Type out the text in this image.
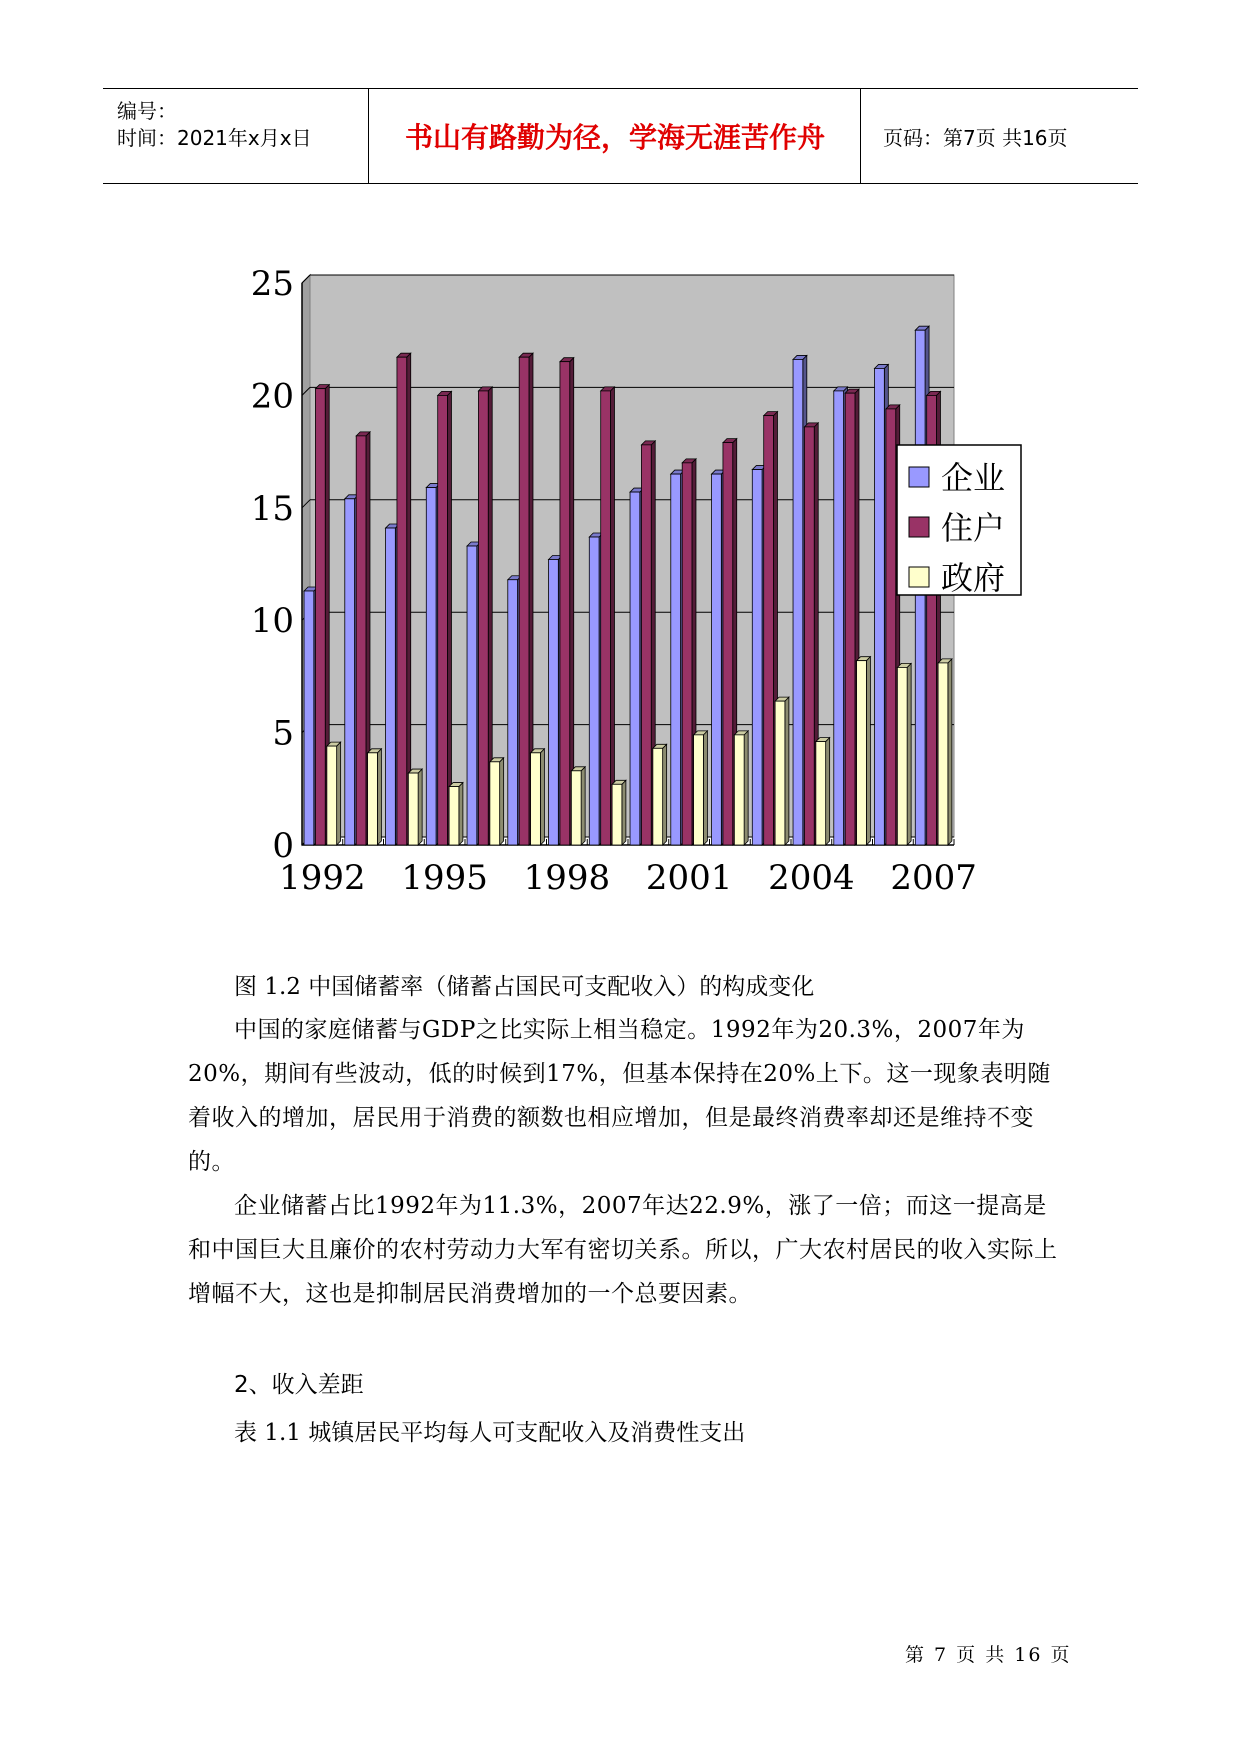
编号：
时间：2021年x月x日	书山有路勤为径，学海无涯苦作舟	页码：第7页 共16页
0
5
10
15
20
25
1992 1995 1998 2001 2004 2007
企业
住户
政府
图 1.2 中国储蓄率（储蓄占国民可支配收入）的构成变化
中国的家庭储蓄与GDP之比实际上相当稳定。1992年为20.3%，2007年为20%，期间有些波动，低的时候到17%，但基本保持在20%上下。这一现象表明随着收入的增加，居民用于消费的额数也相应增加，但是最终消费率却还是维持不变的。
企业储蓄占比1992年为11.3%，2007年达22.9%，涨了一倍；而这一提高是和中国巨大且廉价的农村劳动力大军有密切关系。所以，广大农村居民的收入实际上增幅不大，这也是抑制居民消费增加的一个总要因素。
2、收入差距
表 1.1 城镇居民平均每人可支配收入及消费性支出
第 7 页 共 16 页
